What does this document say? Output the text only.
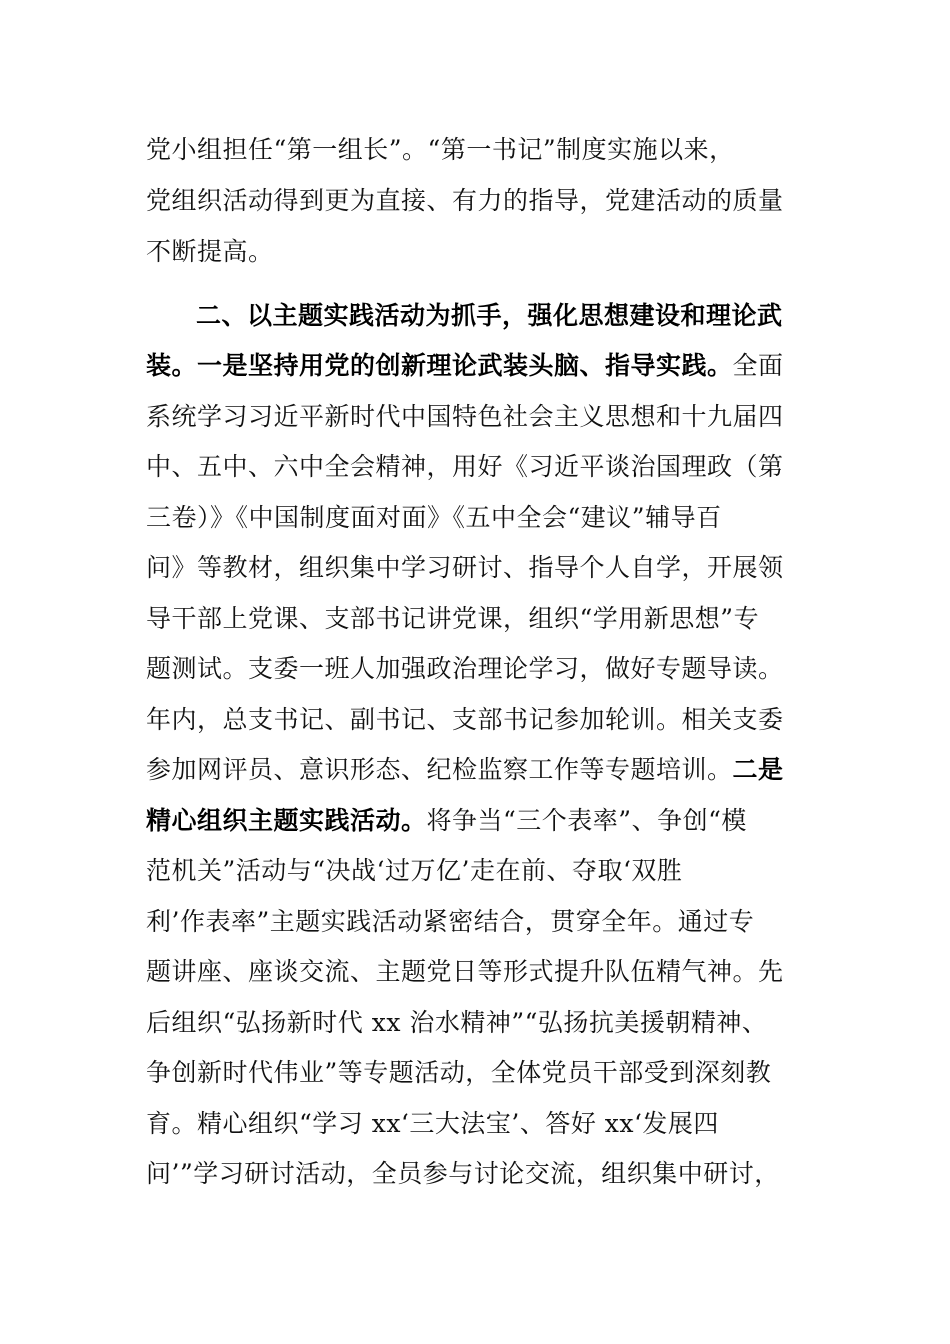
党小组担任“第一组长”。“第一书记”制度实施以来，
党组织活动得到更为直接、有力的指导，党建活动的质量
不断提高。
二、以主题实践活动为抓手，强化思想建设和理论武
装。一是坚持用党的创新理论武装头脑、指导实践。全面
系统学习习近平新时代中国特色社会主义思想和十九届四
中、五中、六中全会精神，用好《习近平谈治国理政（第
三卷）》《中国制度面对面》《五中全会“建议”辅导百
问》等教材，组织集中学习研讨、指导个人自学，开展领
导干部上党课、支部书记讲党课，组织“学用新思想”专
题测试。支委一班人加强政治理论学习，做好专题导读。
年内，总支书记、副书记、支部书记参加轮训。相关支委
参加网评员、意识形态、纪检监察工作等专题培训。二是
精心组织主题实践活动。将争当“三个表率”、争创“模
范机关”活动与“决战‘过万亿’走在前、夺取‘双胜
利’作表率”主题实践活动紧密结合，贯穿全年。通过专
题讲座、座谈交流、主题党日等形式提升队伍精气神。先
后组织“弘扬新时代 xx 治水精神”“弘扬抗美援朝精神、
争创新时代伟业”等专题活动，全体党员干部受到深刻教
育。精心组织“学习 xx‘三大法宝’、答好 xx‘发展四
问’”学习研讨活动，全员参与讨论交流，组织集中研讨，
